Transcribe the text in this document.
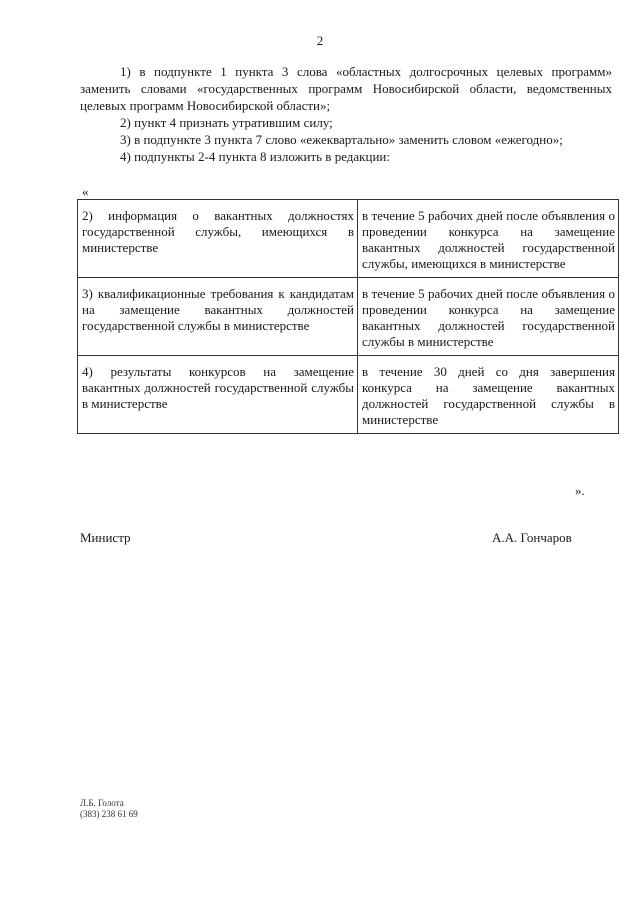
2

1) в подпункте 1 пункта 3 слова «областных долгосрочных целевых программ» заменить словами «государственных программ Новосибирской области, ведомственных целевых программ Новосибирской области»;

2) пункт 4 признать утратившим силу;

3) в подпункте 3 пункта 7 слово «ежеквартально» заменить словом «ежегодно»;

4) подпункты 2-4 пункта 8 изложить в редакции:

«
2) информация о вакантных должностях государственной службы, имеющихся в министерстве	в течение 5 рабочих дней после объявления о проведении конкурса на замещение вакантных должностей государственной службы, имеющихся в министерстве
3) квалификационные требования к кандидатам на замещение вакантных должностей государственной службы в министерстве	в течение 5 рабочих дней после объявления о проведении конкурса на замещение вакантных должностей государственной службы в министерстве
4) результаты конкурсов на замещение вакантных должностей государственной службы в министерстве	в течение 30 дней со дня завершения конкурса на замещение вакантных должностей государственной службы в министерстве
».
Министр	А.А. Гончаров
Л.Б. Голота
(383) 238 61 69
